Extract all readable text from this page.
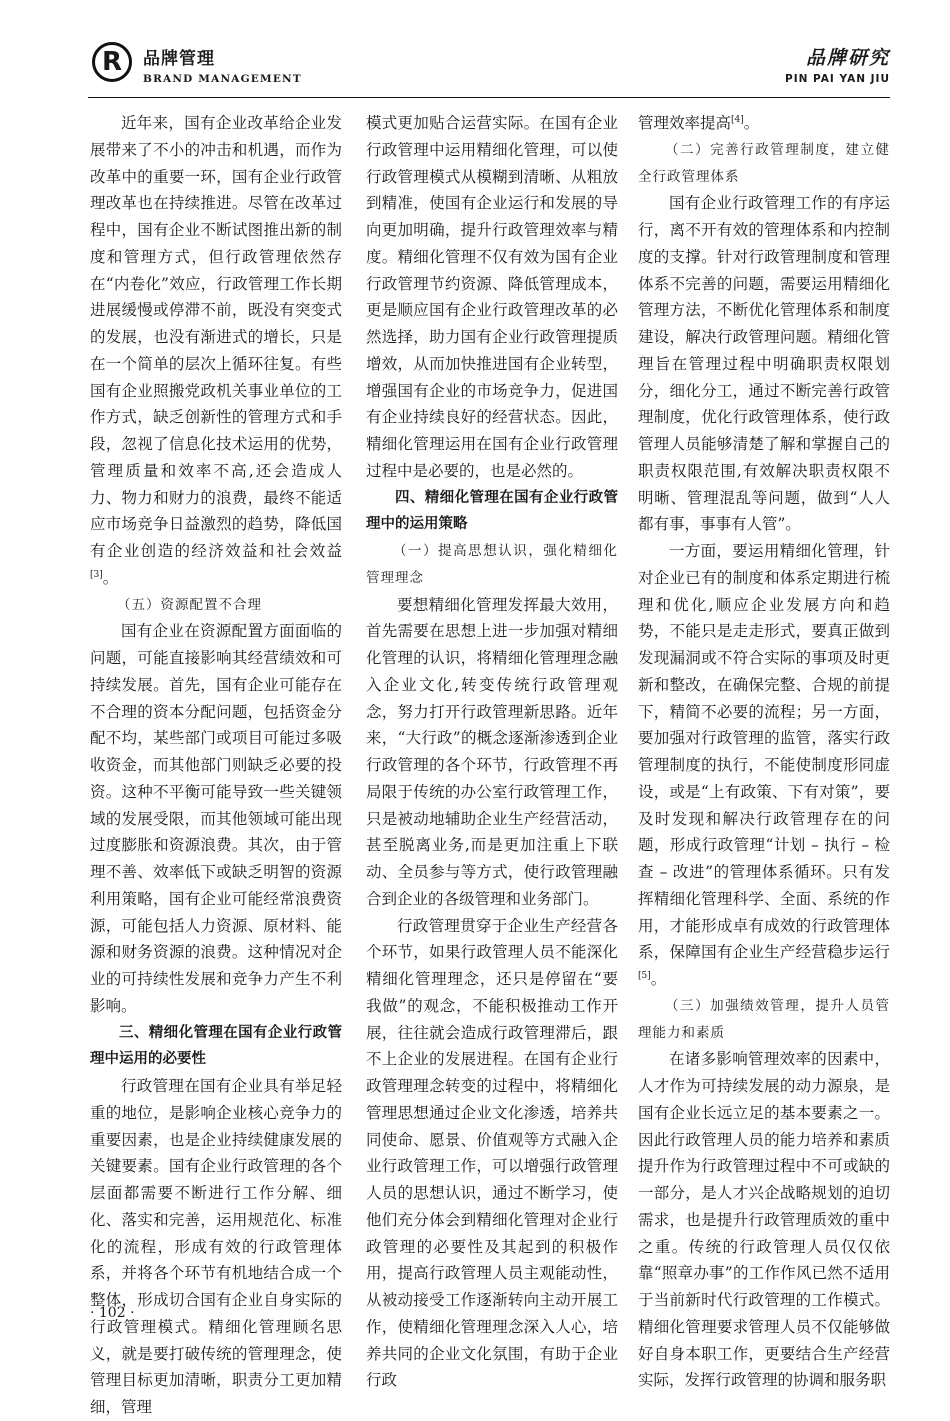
R	品牌管理
BRAND MANAGEMENT
品牌研究
PIN PAI YAN JIU

近年来，国有企业改革给企业发展带来了不小的冲击和机遇，而作为改革中的重要一环，国有企业行政管理改革也在持续推进。尽管在改革过程中，国有企业不断试图推出新的制度和管理方式，但行政管理依然存在“内卷化”效应，行政管理工作长期进展缓慢或停滞不前，既没有突变式的发展，也没有渐进式的增长，只是在一个简单的层次上循环往复。有些国有企业照搬党政机关事业单位的工作方式，缺乏创新性的管理方式和手段，忽视了信息化技术运用的优势，管理质量和效率不高,还会造成人力、物力和财力的浪费，最终不能适应市场竞争日益激烈的趋势，降低国有企业创造的经济效益和社会效益[3]。

（五）资源配置不合理

国有企业在资源配置方面面临的问题，可能直接影响其经营绩效和可持续发展。首先，国有企业可能存在不合理的资本分配问题，包括资金分配不均，某些部门或项目可能过多吸收资金，而其他部门则缺乏必要的投资。这种不平衡可能导致一些关键领域的发展受限，而其他领域可能出现过度膨胀和资源浪费。其次，由于管理不善、效率低下或缺乏明智的资源利用策略，国有企业可能经常浪费资源，可能包括人力资源、原材料、能源和财务资源的浪费。这种情况对企业的可持续性发展和竞争力产生不利影响。

三、精细化管理在国有企业行政管理中运用的必要性

行政管理在国有企业具有举足轻重的地位，是影响企业核心竞争力的重要因素，也是企业持续健康发展的关键要素。国有企业行政管理的各个层面都需要不断进行工作分解、细化、落实和完善，运用规范化、标准化的流程，形成有效的行政管理体系，并将各个环节有机地结合成一个整体，形成切合国有企业自身实际的行政管理模式。精细化管理顾名思义，就是要打破传统的管理理念，使管理目标更加清晰，职责分工更加精细，管理

模式更加贴合运营实际。在国有企业行政管理中运用精细化管理，可以使行政管理模式从模糊到清晰、从粗放到精准，使国有企业运行和发展的导向更加明确，提升行政管理效率与精度。精细化管理不仅有效为国有企业行政管理节约资源、降低管理成本，更是顺应国有企业行政管理改革的必然选择，助力国有企业行政管理提质增效，从而加快推进国有企业转型，增强国有企业的市场竞争力，促进国有企业持续良好的经营状态。因此，精细化管理运用在国有企业行政管理过程中是必要的，也是必然的。

四、精细化管理在国有企业行政管理中的运用策略

（一）提高思想认识，强化精细化管理理念

要想精细化管理发挥最大效用，首先需要在思想上进一步加强对精细化管理的认识，将精细化管理理念融入企业文化,转变传统行政管理观念，努力打开行政管理新思路。近年来，“大行政”的概念逐渐渗透到企业行政管理的各个环节，行政管理不再局限于传统的办公室行政管理工作，只是被动地辅助企业生产经营活动，甚至脱离业务,而是更加注重上下联动、全员参与等方式，使行政管理融合到企业的各级管理和业务部门。

行政管理贯穿于企业生产经营各个环节，如果行政管理人员不能深化精细化管理理念，还只是停留在“要我做”的观念，不能积极推动工作开展，往往就会造成行政管理滞后，跟不上企业的发展进程。在国有企业行政管理理念转变的过程中，将精细化管理思想通过企业文化渗透，培养共同使命、愿景、价值观等方式融入企业行政管理工作，可以增强行政管理人员的思想认识，通过不断学习，使他们充分体会到精细化管理对企业行政管理的必要性及其起到的积极作用，提高行政管理人员主观能动性，从被动接受工作逐渐转向主动开展工作，使精细化管理理念深入人心，培养共同的企业文化氛围，有助于企业行政

管理效率提高[4]。

（二）完善行政管理制度，建立健全行政管理体系

国有企业行政管理工作的有序运行，离不开有效的管理体系和内控制度的支撑。针对行政管理制度和管理体系不完善的问题，需要运用精细化管理方法，不断优化管理体系和制度建设，解决行政管理问题。精细化管理旨在管理过程中明确职责权限划分，细化分工，通过不断完善行政管理制度，优化行政管理体系，使行政管理人员能够清楚了解和掌握自己的职责权限范围,有效解决职责权限不明晰、管理混乱等问题，做到“人人都有事，事事有人管”。

一方面，要运用精细化管理，针对企业已有的制度和体系定期进行梳理和优化,顺应企业发展方向和趋势，不能只是走走形式，要真正做到发现漏洞或不符合实际的事项及时更新和整改，在确保完整、合规的前提下，精简不必要的流程；另一方面，要加强对行政管理的监管，落实行政管理制度的执行，不能使制度形同虚设，或是“上有政策、下有对策”，要及时发现和解决行政管理存在的问题，形成行政管理“计划 – 执行 – 检查 – 改进”的管理体系循环。只有发挥精细化管理科学、全面、系统的作用，才能形成卓有成效的行政管理体系，保障国有企业生产经营稳步运行[5]。

（三）加强绩效管理，提升人员管理能力和素质

在诸多影响管理效率的因素中，人才作为可持续发展的动力源泉，是国有企业长远立足的基本要素之一。因此行政管理人员的能力培养和素质提升作为行政管理过程中不可或缺的一部分，是人才兴企战略规划的迫切需求，也是提升行政管理质效的重中之重。传统的行政管理人员仅仅依靠“照章办事”的工作作风已然不适用于当前新时代行政管理的工作模式。精细化管理要求管理人员不仅能够做好自身本职工作，更要结合生产经营实际，发挥行政管理的协调和服务职

· 102 ·
